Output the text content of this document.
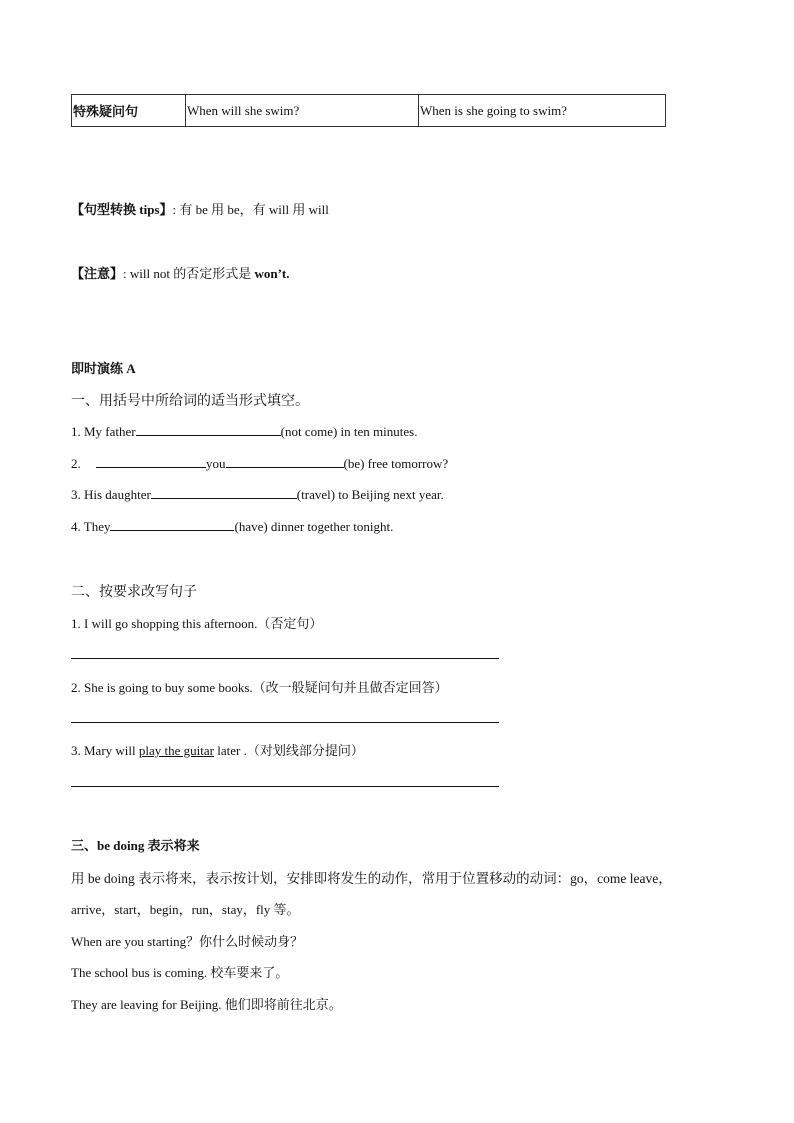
特殊疑问句	When will she swim?	When is she going to swim?
【句型转换 tips】: 有 be 用 be，有 will 用 will
【注意】: will not 的否定形式是 won’t.
即时演练 A
一、用括号中所给词的适当形式填空。
1. My father	(not come) in ten minutes.
2.	you	(be) free tomorrow?
3. His daughter	(travel) to Beijing next year.
4. They	(have) dinner together tonight.
二、按要求改写句子
1. I will go shopping this afternoon.（否定句）
2. She is going to buy some books.（改一般疑问句并且做否定回答）
3. Mary will play the guitar later .（对划线部分提问）
三、be doing 表示将来
用 be doing 表示将来，表示按计划，安排即将发生的动作，常用于位置移动的动词：go，come leave，
arrive，start，begin，run，stay，fly 等。
When are you starting？你什么时候动身？
The school bus is coming. 校车要来了。
They are leaving for Beijing. 他们即将前往北京。
